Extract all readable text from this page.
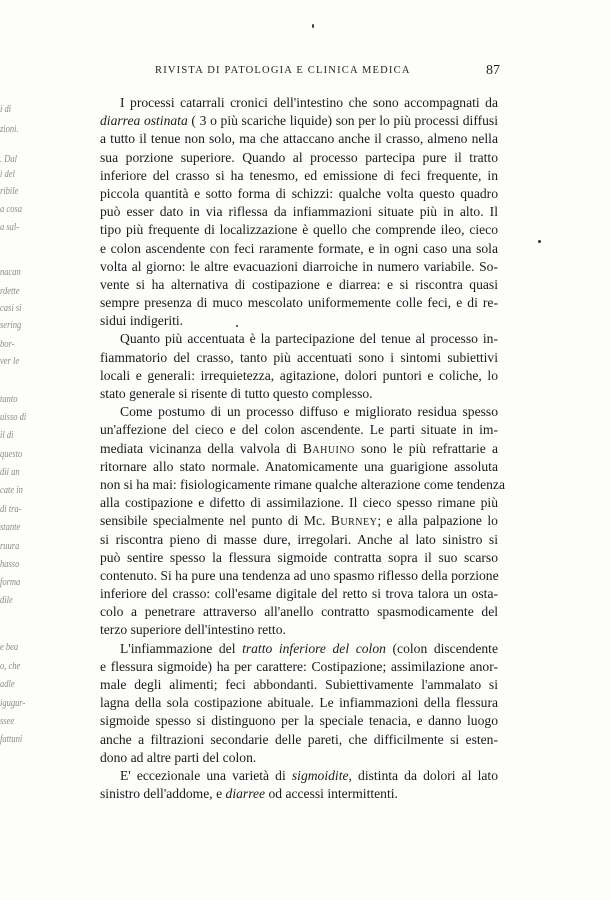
i di
zioni.
. Dal
i del
ribile
a cosa
a sal-
nacan
rdette
casi si
sering
bor-
ver le
tanto
uisso di
il di
questo
dii un
cate in
di tra-
stante
ruura
hasso
forma
dile
e bea
o, che
adle
igugur-
ssee
fattuni
RIVISTA DI PATOLOGIA E CLINICA MEDICA	87
I processi catarrali cronici dell'intestino che sono accompagnati da
diarrea ostinata ( 3 o più scariche liquide) son per lo più processi diffusi
a tutto il tenue non solo, ma che attaccano anche il crasso, almeno nella
sua porzione superiore. Quando al processo partecipa pure il tratto
inferiore del crasso si ha tenesmo, ed emissione di feci frequente, in
piccola quantità e sotto forma di schizzi: qualche volta questo quadro
può esser dato in via riflessa da infiammazioni situate più in alto. Il
tipo più frequente di localizzazione è quello che comprende ileo, cieco
e colon ascendente con feci raramente formate, e in ogni caso una sola
volta al giorno: le altre evacuazioni diarroiche in numero variabile. So-
vente si ha alternativa di costipazione e diarrea: e si riscontra quasi
sempre presenza di muco mescolato uniformemente colle feci, e di re-
sidui indigeriti.
Quanto più accentuata è la partecipazione del tenue al processo in-
fiammatorio del crasso, tanto più accentuati sono i sintomi subiettivi
locali e generali: irrequietezza, agitazione, dolori puntori e coliche, lo
stato generale si risente di tutto questo complesso.
Come postumo di un processo diffuso e migliorato residua spesso
un'affezione del cieco e del colon ascendente. Le parti situate in im-
mediata vicinanza della valvola di Bahuino sono le più refrattarie a
ritornare allo stato normale. Anatomicamente una guarigione assoluta
non si ha mai: fisiologicamente rimane qualche alterazione come tendenza
alla costipazione e difetto di assimilazione. Il cieco spesso rimane più
sensibile specialmente nel punto di Mc. Burney; e alla palpazione lo
si riscontra pieno di masse dure, irregolari. Anche al lato sinistro si
può sentire spesso la flessura sigmoide contratta sopra il suo scarso
contenuto. Si ha pure una tendenza ad uno spasmo riflesso della porzione
inferiore del crasso: coll'esame digitale del retto si trova talora un osta-
colo a penetrare attraverso all'anello contratto spasmodicamente del
terzo superiore dell'intestino retto.
L'infiammazione del tratto inferiore del colon (colon discendente
e flessura sigmoide) ha per carattere: Costipazione; assimilazione anor-
male degli alimenti; feci abbondanti. Subiettivamente l'ammalato si
lagna della sola costipazione abituale. Le infiammazioni della flessura
sigmoide spesso si distinguono per la speciale tenacia, e danno luogo
anche a filtrazioni secondarie delle pareti, che difficilmente si esten-
dono ad altre parti del colon.
E' eccezionale una varietà di sigmoidite, distinta da dolori al lato
sinistro dell'addome, e diarree od accessi intermittenti.
